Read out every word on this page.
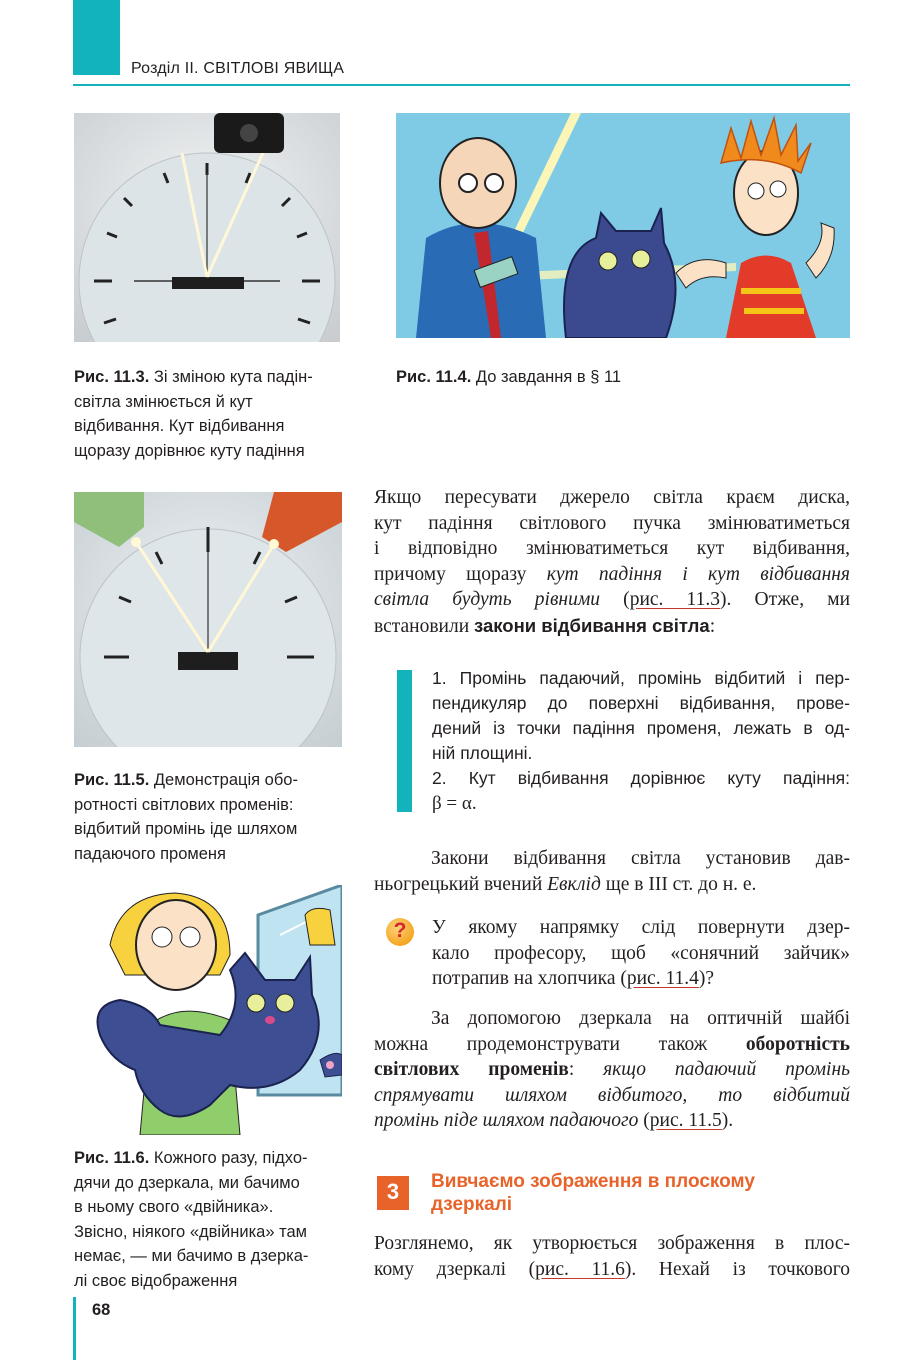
Розділ ІІ. СВІТЛОВІ ЯВИЩА
Рис. 11.3. Зі зміною кута падін-
світла змінюється й кут
відбивання. Кут відбивання
щоразу дорівнює куту падіння
Рис. 11.4. До завдання в § 11
Рис. 11.5. Демонстрація обо-
ротності світлових променів:
відбитий промінь іде шляхом
падаючого променя
Рис. 11.6. Кожного разу, підхо-
дячи до дзеркала, ми бачимо
в ньому свого «двійника».
Звісно, ніякого «двійника» там
немає, — ми бачимо в дзерка-
лі своє відображення
Якщо пересувати джерело світла краєм диска,
кут падіння світлового пучка змінюватиметься
і відповідно змінюватиметься кут відбивання,
причому щоразу кут падіння і кут відбивання
світла будуть рівними (рис. 11.3). Отже, ми
встановили закони відбивання світла:
1. Промінь падаючий, промінь відбитий і пер-
пендикуляр до поверхні відбивання, прове-
дений із точки падіння променя, лежать в од-
ній площині.
2. Кут відбивання дорівнює куту падіння:
β = α.
Закони відбивання світла установив дав-
ньогрецький вчений Евклід ще в ІІІ ст. до н. е.
?	У якому напрямку слід повернути дзер-
кало професору, щоб «сонячний зайчик»
потрапив на хлопчика (рис. 11.4)?
За допомогою дзеркала на оптичній шайбі
можна продемонструвати також оборотність
світлових променів: якщо падаючий промінь
спрямувати шляхом відбитого, то відбитий
промінь піде шляхом падаючого (рис. 11.5).
3	Вивчаємо зображення в плоскому
дзеркалі
Розглянемо, як утворюється зображення в плос-
кому дзеркалі (рис. 11.6). Нехай із точкового
68
